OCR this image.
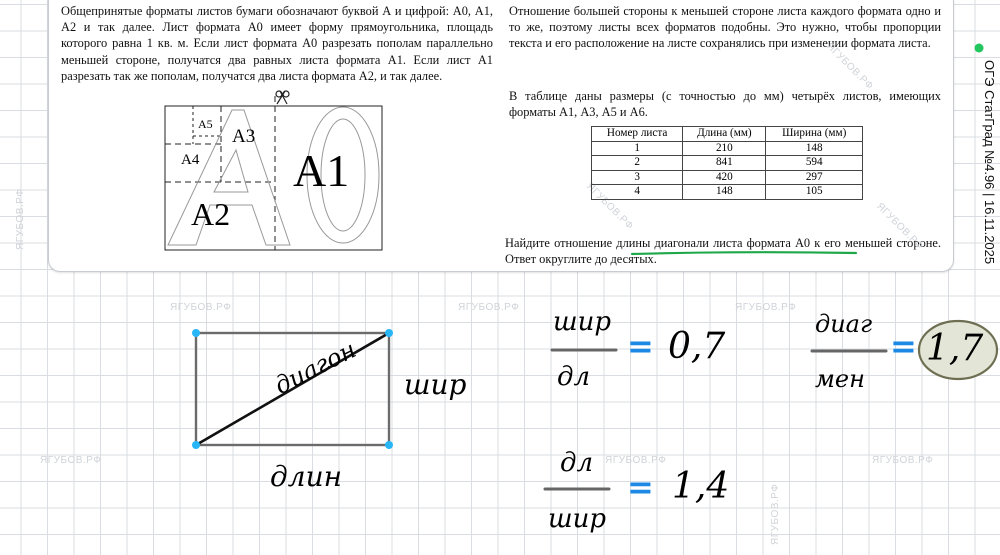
ЯГУБОВ.РФ	ЯГУБОВ.РФ	ЯГУБОВ.РФ
ЯГУБОВ.РФ	ЯГУБОВ.РФ	ЯГУБОВ.РФ
ЯГУБОВ.РФ
ЯГУБОВ.РФ

Общепринятые форматы листов бумаги обозначают буквой А и цифрой: А0, А1, А2 и так далее. Лист формата А0 имеет форму прямоугольника, площадь которого равна 1 кв. м. Если лист формата А0 разрезать пополам параллельно меньшей стороне, получатся два равных листа формата А1. Если лист А1 разрезать так же пополам, получатся два листа формата А2, и так далее.

Отношение большей стороны к меньшей стороне листа каждого формата одно и то же, поэтому листы всех форматов подобны. Это нужно, чтобы пропорции текста и его расположение на листе сохранялись при изменении формата листа.

В таблице даны размеры (с точностью до мм) четырёх листов, имеющих форматы А1, А3, А5 и А6.

Найдите отношение длины диагонали листа формата А0 к его меньшей стороне. Ответ округлите до десятых.

ЯГУБОВ.РФ
ЯГУБОВ.РФ	ЯГУБОВ.РФ
А5
А3
А4
А2
А1
Номер листа	Длина (мм)	Ширина (мм)
1	210	148
2	841	594
3	420	297
4	148	105	ОГЭ СтатГрад №4.96 | 16.11.2025
диагон шир
длин
шир
дл
= 0,7
диаг
мен
= 1,7
дл
шир
= 1,4
